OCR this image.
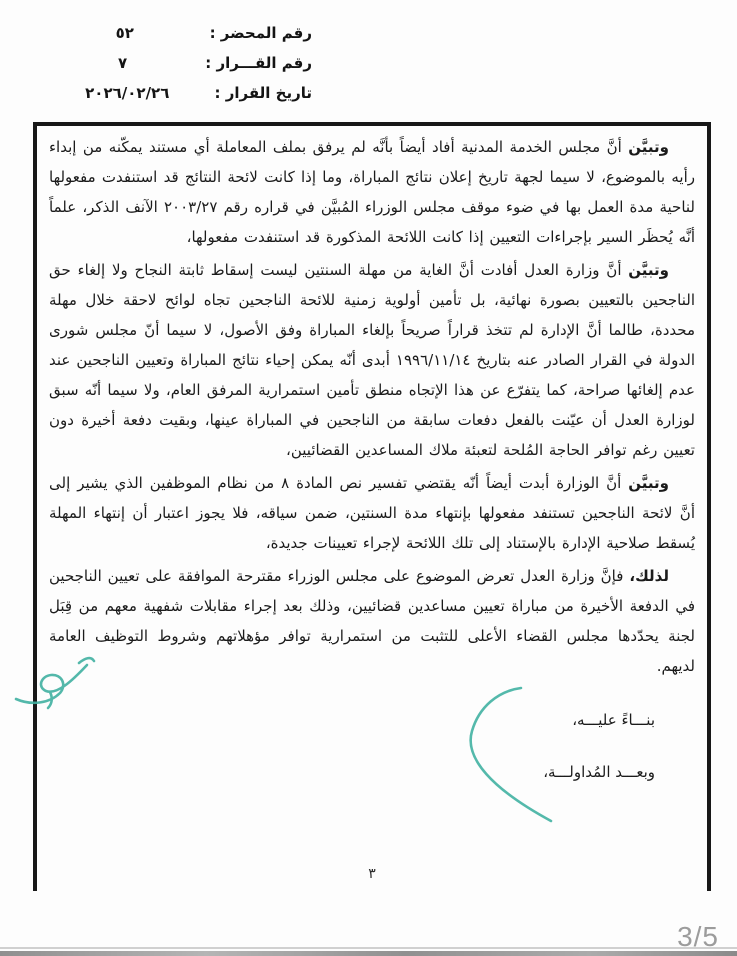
رقم المحضر :
٥٢
رقم القـــرار :
٧
تاريخ القرار :
٢٠٢٦/٠٢/٢٦

وتبيَّن أنَّ مجلس الخدمة المدنية أفاد أيضاً بأنَّه لم يرفق بملف المعاملة أي مستند يمكّنه من إبداء رأيه بالموضوع، لا سيما لجهة تاريخ إعلان نتائج المباراة، وما إذا كانت لائحة النتائج قد استنفدت مفعولها لناحية مدة العمل بها في ضوء موقف مجلس الوزراء المُبيَّن في قراره رقم ٢٠٠٣/٢٧ الآنف الذكر، علماً أنَّه يُحظَر السير بإجراءات التعيين إذا كانت اللائحة المذكورة قد استنفدت مفعولها،

وتبيَّن أنَّ وزارة العدل أفادت أنَّ الغاية من مهلة السنتين ليست إسقاط ثابتة النجاح ولا إلغاء حق الناجحين بالتعيين بصورة نهائية، بل تأمين أولوية زمنية للائحة الناجحين تجاه لوائح لاحقة خلال مهلة محددة، طالما أنَّ الإدارة لم تتخذ قراراً صريحاً بإلغاء المباراة وفق الأصول، لا سيما أنّ مجلس شورى الدولة في القرار الصادر عنه بتاريخ ١٩٩٦/١١/١٤ أبدى أنّه يمكن إحياء نتائج المباراة وتعيين الناجحين عند عدم إلغائها صراحة، كما يتفرّع عن هذا الإتجاه منطق تأمين استمرارية المرفق العام، ولا سيما أنّه سبق لوزارة العدل أن عيّنت بالفعل دفعات سابقة من الناجحين في المباراة عينها، وبقيت دفعة أخيرة دون تعيين رغم توافر الحاجة المُلحة لتعبئة ملاك المساعدين القضائيين،

وتبيَّن أنَّ الوزارة أبدت أيضاً أنّه يقتضي تفسير نص المادة ٨ من نظام الموظفين الذي يشير إلى أنَّ لائحة الناجحين تستنفد مفعولها بإنتهاء مدة السنتين، ضمن سياقه، فلا يجوز اعتبار أن إنتهاء المهلة يُسقط صلاحية الإدارة بالإستناد إلى تلك اللائحة لإجراء تعيينات جديدة،

لذلك، فإنَّ وزارة العدل تعرض الموضوع على مجلس الوزراء مقترحة الموافقة على تعيين الناجحين في الدفعة الأخيرة من مباراة تعيين مساعدين قضائيين، وذلك بعد إجراء مقابلات شفهية معهم من قِبَل لجنة يحدّدها مجلس القضاء الأعلى للتثبت من استمرارية توافر مؤهلاتهم وشروط التوظيف العامة لديهم.

بنـــاءً عليـــه،
وبعـــد المُداولـــة،
٣
3/5
